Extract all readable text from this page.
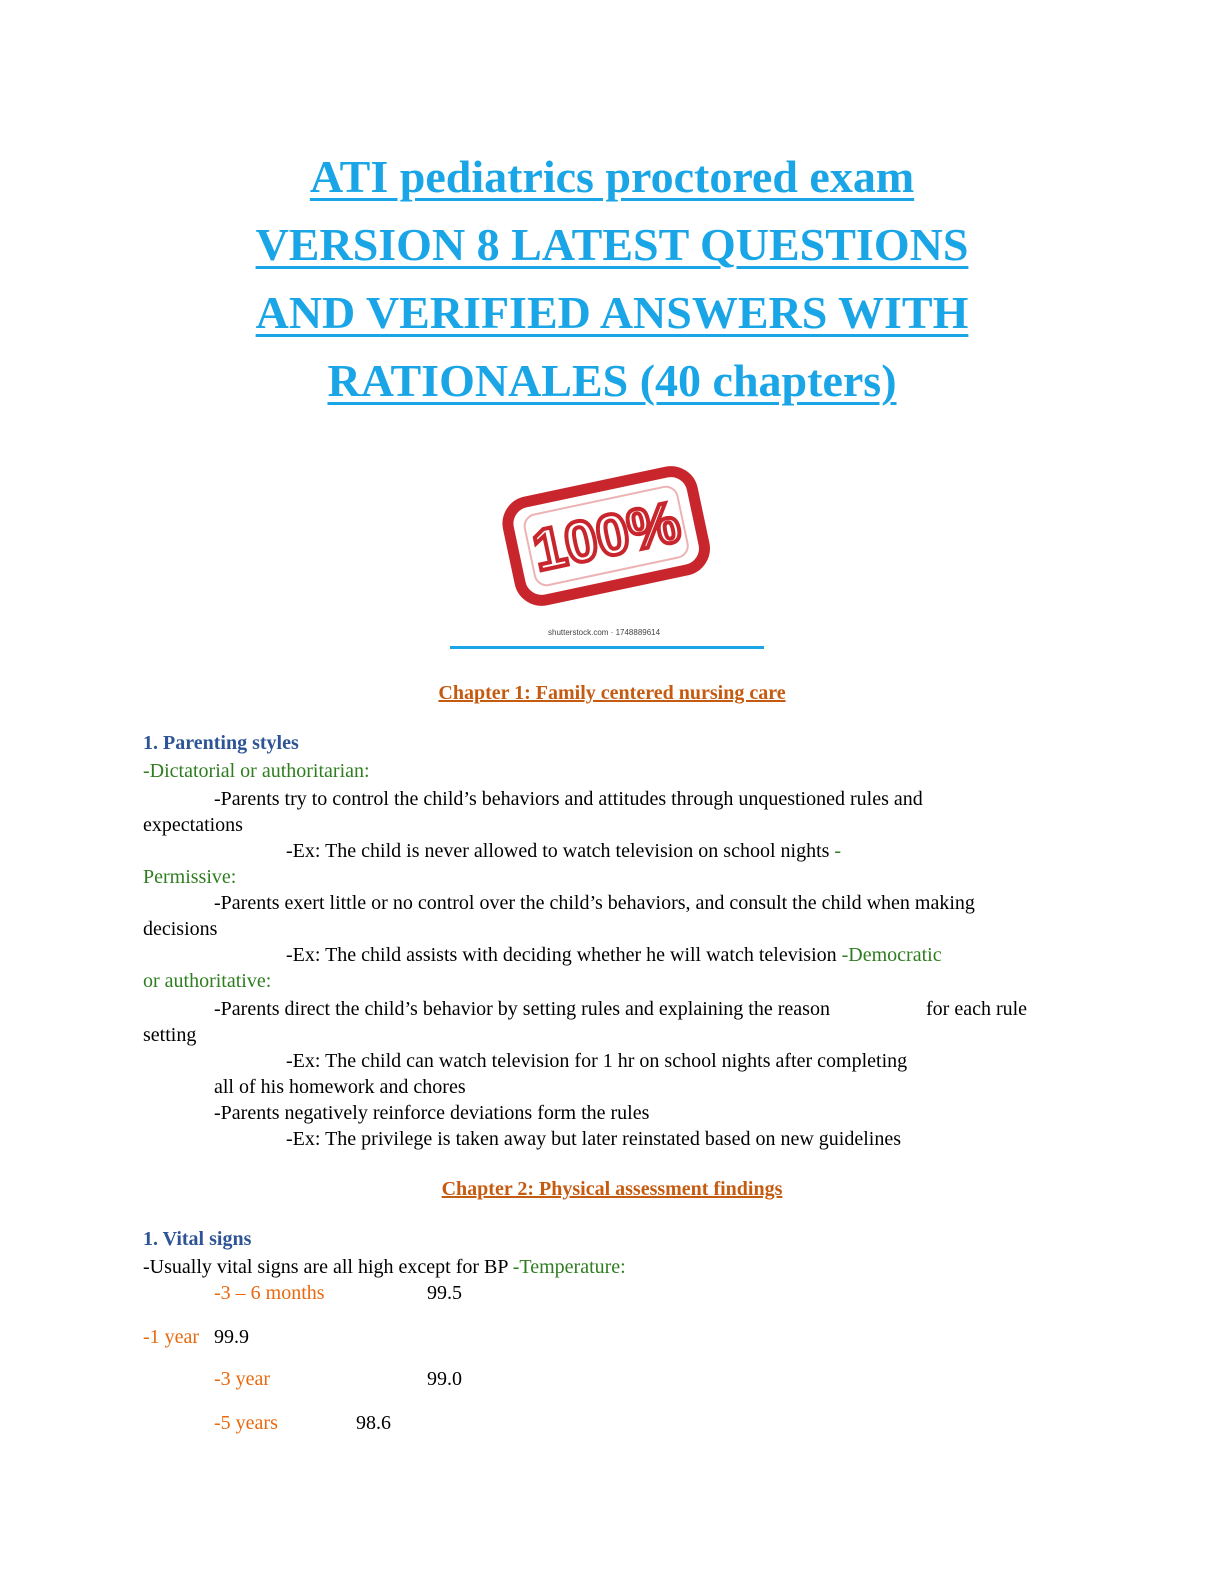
ATI pediatrics proctored exam
VERSION 8 LATEST QUESTIONS
AND VERIFIED ANSWERS WITH
RATIONALES (40 chapters)
100%
shutterstock.com · 1748889614
Chapter 1: Family centered nursing care
1. Parenting styles
-Dictatorial or authoritarian:
-Parents try to control the child’s behaviors and attitudes through unquestioned rules and
expectations
-Ex: The child is never allowed to watch television on school nights -
Permissive:
-Parents exert little or no control over the child’s behaviors, and consult the child when making
decisions
-Ex: The child assists with deciding whether he will watch television -Democratic
or authoritative:
-Parents direct the child’s behavior by setting rules and explaining the reason	for each rule
setting
-Ex: The child can watch television for 1 hr on school nights after completing
all of his homework and chores
-Parents negatively reinforce deviations form the rules
-Ex: The privilege is taken away but later reinstated based on new guidelines
Chapter 2: Physical assessment findings
1. Vital signs
-Usually vital signs are all high except for BP -Temperature:
-3 – 6 months	99.5
-1 year 99.9
-3 year	99.0
-5 years	98.6
